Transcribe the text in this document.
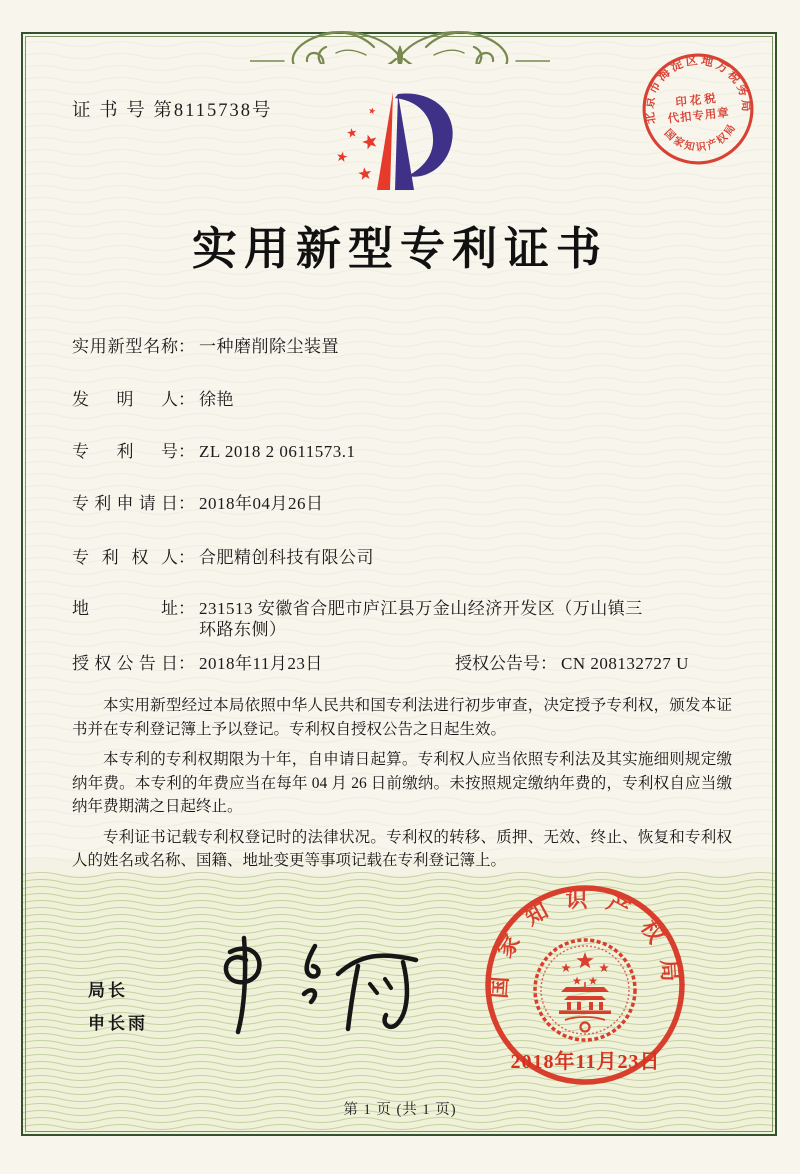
证 书 号 第8115738号	北京市海淀区地方税务局
国家知识产权局
印花税
代扣专用章
实用新型专利证书
实用新型名称 ： 一种磨削除尘装置
发明人 ： 徐艳
专利号 ： ZL 2018 2 0611573.1
专利申请日 ： 2018年04月26日
专利权人 ： 合肥精创科技有限公司
地址 ： 231513 安徽省合肥市庐江县万金山经济开发区（万山镇三环路东侧）
授权公告日 ： 2018年11月23日	授权公告号 ： CN 208132727 U

本实用新型经过本局依照中华人民共和国专利法进行初步审查，决定授予专利权，颁发本证书并在专利登记簿上予以登记。专利权自授权公告之日起生效。

本专利的专利权期限为十年，自申请日起算。专利权人应当依照专利法及其实施细则规定缴纳年费。本专利的年费应当在每年 04 月 26 日前缴纳。未按照规定缴纳年费的，专利权自应当缴纳年费期满之日起终止。

专利证书记载专利权登记时的法律状况。专利权的转移、质押、无效、终止、恢复和专利权人的姓名或名称、国籍、地址变更等事项记载在专利登记簿上。

局长
申长雨
国家知识产权局
2018年11月23日
第 1 页 (共 1 页)
